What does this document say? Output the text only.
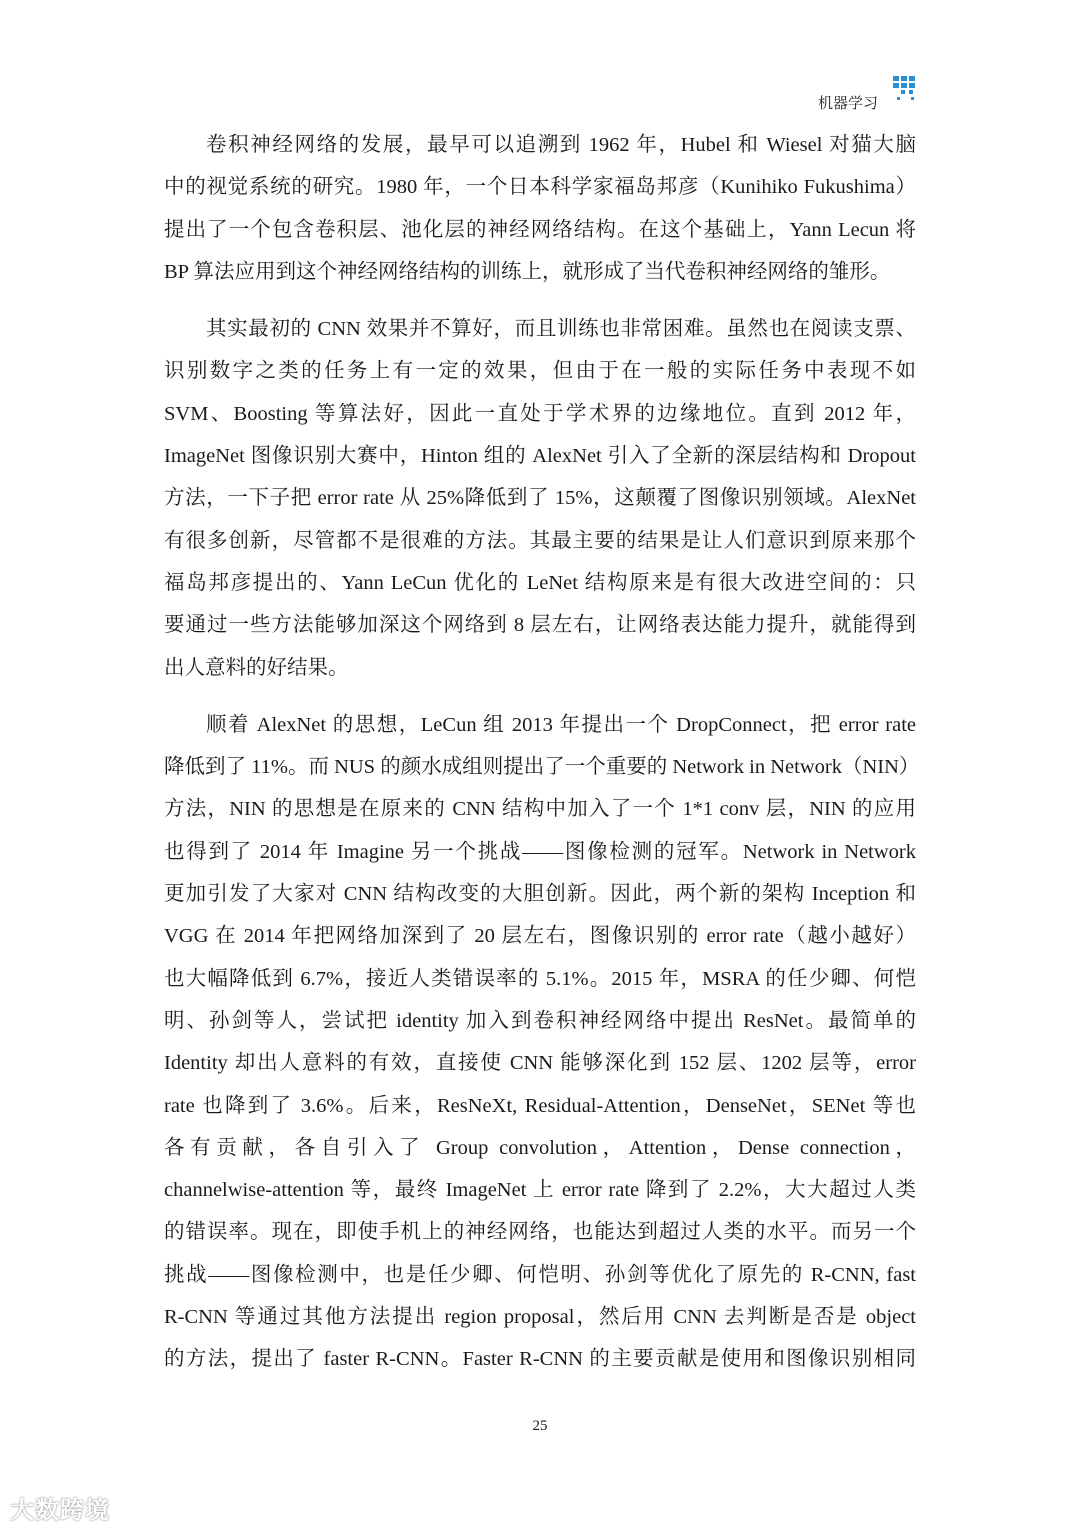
机器学习
卷积神经网络的发展，最早可以追溯到 1962 年，Hubel 和 Wiesel 对猫大脑
中的视觉系统的研究。1980 年，一个日本科学家福岛邦彦（Kunihiko Fukushima）
提出了一个包含卷积层、池化层的神经网络结构。在这个基础上，Yann Lecun 将
BP 算法应用到这个神经网络结构的训练上，就形成了当代卷积神经网络的雏形。
其实最初的 CNN 效果并不算好，而且训练也非常困难。虽然也在阅读支票、
识别数字之类的任务上有一定的效果，但由于在一般的实际任务中表现不如
SVM、Boosting 等算法好，因此一直处于学术界的边缘地位。直到 2012 年，
ImageNet 图像识别大赛中，Hinton 组的 AlexNet 引入了全新的深层结构和 Dropout
方法，一下子把 error rate 从 25%降低到了 15%，这颠覆了图像识别领域。AlexNet
有很多创新，尽管都不是很难的方法。其最主要的结果是让人们意识到原来那个
福岛邦彦提出的、Yann LeCun 优化的 LeNet 结构原来是有很大改进空间的：只
要通过一些方法能够加深这个网络到 8 层左右，让网络表达能力提升，就能得到
出人意料的好结果。
顺着 AlexNet 的思想，LeCun 组 2013 年提出一个 DropConnect，把 error rate
降低到了 11%。而 NUS 的颜水成组则提出了一个重要的 Network in Network（NIN）
方法，NIN 的思想是在原来的 CNN 结构中加入了一个 1*1 conv 层，NIN 的应用
也得到了 2014 年 Imagine 另一个挑战——图像检测的冠军。Network in Network
更加引发了大家对 CNN 结构改变的大胆创新。因此，两个新的架构 Inception 和
VGG 在 2014 年把网络加深到了 20 层左右，图像识别的 error rate（越小越好）
也大幅降低到 6.7%，接近人类错误率的 5.1%。2015 年，MSRA 的任少卿、何恺
明、孙剑等人，尝试把 identity 加入到卷积神经网络中提出 ResNet。最简单的
Identity 却出人意料的有效，直接使 CNN 能够深化到 152 层、1202 层等，error
rate 也降到了 3.6%。后来，ResNeXt, Residual-Attention，DenseNet，SENet 等也
各有贡献，各自引入了 Group convolution，Attention，Dense connection，
channelwise-attention 等，最终 ImageNet 上 error rate 降到了 2.2%，大大超过人类
的错误率。现在，即使手机上的神经网络，也能达到超过人类的水平。而另一个
挑战——图像检测中，也是任少卿、何恺明、孙剑等优化了原先的 R-CNN, fast
R-CNN 等通过其他方法提出 region proposal，然后用 CNN 去判断是否是 object
的方法，提出了 faster R-CNN。Faster R-CNN 的主要贡献是使用和图像识别相同
25
大数跨境
